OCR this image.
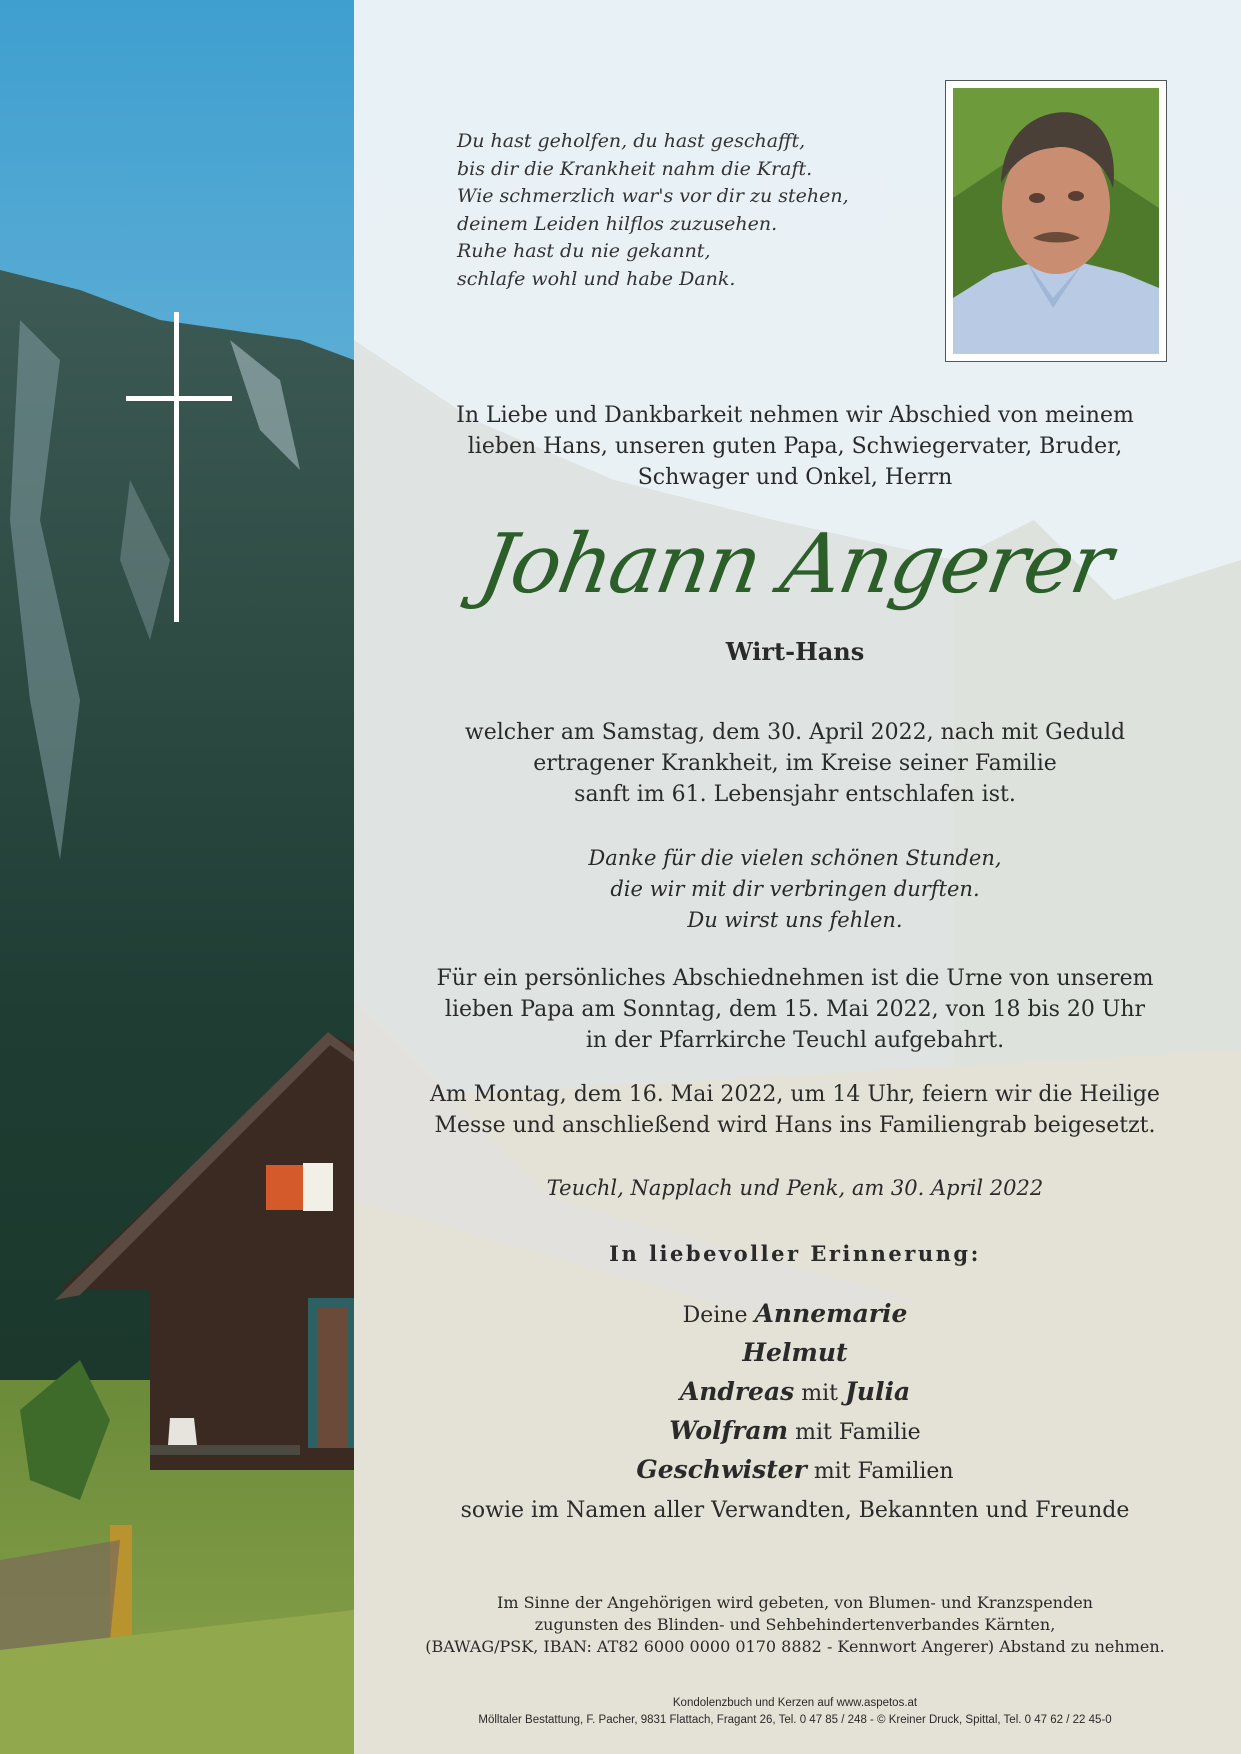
Du hast geholfen, du hast geschafft,
bis dir die Krankheit nahm die Kraft.
Wie schmerzlich war's vor dir zu stehen,
deinem Leiden hilflos zuzusehen.
Ruhe hast du nie gekannt,
schlafe wohl und habe Dank.
In Liebe und Dankbarkeit nehmen wir Abschied von meinem
lieben Hans, unseren guten Papa, Schwiegervater, Bruder,
Schwager und Onkel, Herrn
Johann Angerer
Wirt-Hans
welcher am Samstag, dem 30. April 2022, nach mit Geduld
ertragener Krankheit, im Kreise seiner Familie
sanft im 61. Lebensjahr entschlafen ist.
Danke für die vielen schönen Stunden,
die wir mit dir verbringen durften.
Du wirst uns fehlen.
Für ein persönliches Abschiednehmen ist die Urne von unserem
lieben Papa am Sonntag, dem 15. Mai 2022, von 18 bis 20 Uhr
in der Pfarrkirche Teuchl aufgebahrt.
Am Montag, dem 16. Mai 2022, um 14 Uhr, feiern wir die Heilige
Messe und anschließend wird Hans ins Familiengrab beigesetzt.
Teuchl, Napplach und Penk, am 30. April 2022
In liebevoller Erinnerung:
Deine Annemarie
Helmut
Andreas mit Julia
Wolfram mit Familie
Geschwister mit Familien
sowie im Namen aller Verwandten, Bekannten und Freunde
Im Sinne der Angehörigen wird gebeten, von Blumen- und Kranzspenden
zugunsten des Blinden- und Sehbehindertenverbandes Kärnten,
(BAWAG/PSK, IBAN: AT82 6000 0000 0170 8882 - Kennwort Angerer) Abstand zu nehmen.
Kondolenzbuch und Kerzen auf www.aspetos.at
Mölltaler Bestattung, F. Pacher, 9831 Flattach, Fragant 26, Tel. 0 47 85 / 248 - © Kreiner Druck, Spittal, Tel. 0 47 62 / 22 45-0
